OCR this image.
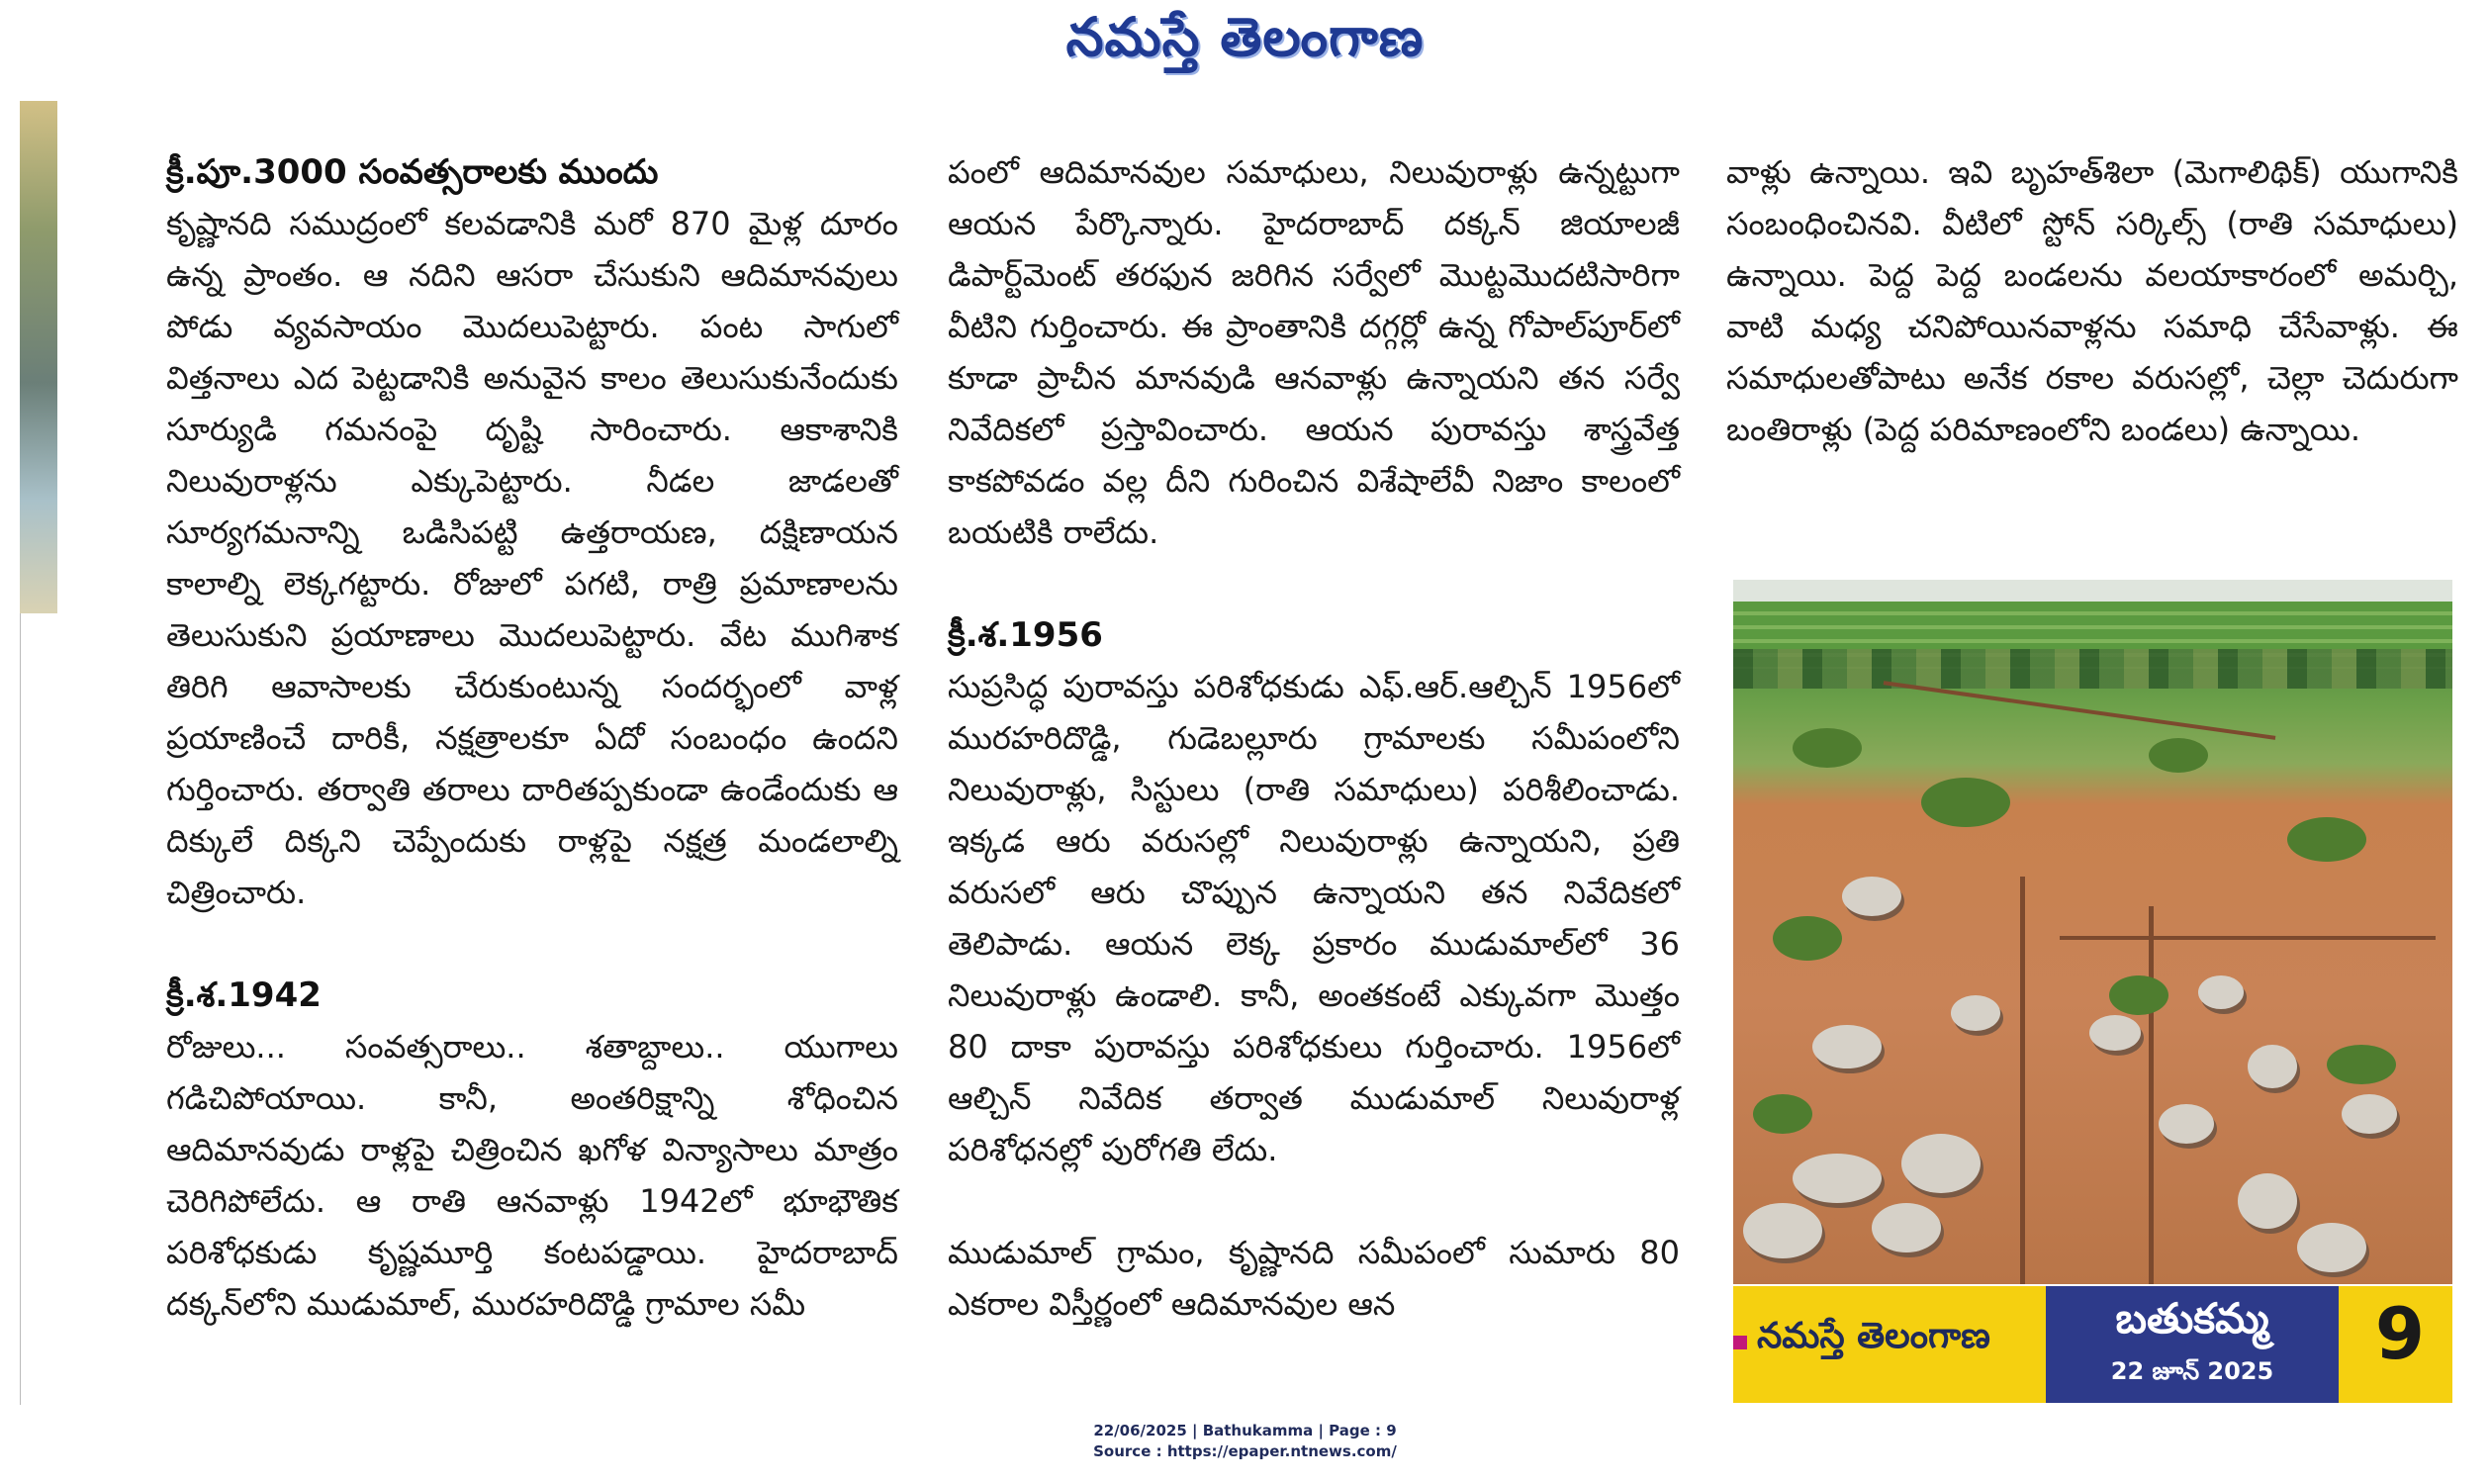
నమస్తే తెలంగాణ
క్రీ.పూ.3000 సంవత్సరాలకు ముందు

కృష్ణానది సముద్రంలో కలవడానికి మరో 870 మైళ్ల దూరం ఉన్న ప్రాంతం. ఆ నదిని ఆసరా చేసుకుని ఆదిమానవులు పోడు వ్యవసాయం మొదలుపెట్టారు. పంట సాగులో విత్తనాలు ఎద పెట్టడానికి అనువైన కాలం తెలుసుకునేందుకు సూర్యుడి గమనంపై దృష్టి సారించారు. ఆకాశానికి నిలువురాళ్లను ఎక్కుపెట్టారు. నీడల జాడలతో సూర్యగమనాన్ని ఒడిసిపట్టి ఉత్తరాయణ, దక్షిణాయన కాలాల్ని లెక్కగట్టారు. రోజులో పగటి, రాత్రి ప్రమాణాలను తెలుసుకుని ప్రయాణాలు మొదలుపెట్టారు. వేట ముగిశాక తిరిగి ఆవాసాలకు చేరుకుంటున్న సందర్భంలో వాళ్ల ప్రయాణించే దారికీ, నక్షత్రాలకూ ఏదో సంబంధం ఉందని గుర్తించారు. తర్వాతి తరాలు దారితప్పకుండా ఉండేందుకు ఆ దిక్కులే దిక్కని చెప్పేందుకు రాళ్లపై నక్షత్ర మండలాల్ని చిత్రించారు.

క్రీ.శ.1942

రోజులు... సంవత్సరాలు.. శతాబ్దాలు.. యుగాలు గడిచిపోయాయి. కానీ, అంతరిక్షాన్ని శోధించిన ఆదిమానవుడు రాళ్లపై చిత్రించిన ఖగోళ విన్యాసాలు మాత్రం చెరిగిపోలేదు. ఆ రాతి ఆనవాళ్లు 1942లో భూభౌతిక పరిశోధకుడు కృష్ణమూర్తి కంటపడ్డాయి. హైదరాబాద్ దక్కన్‌లోని ముడుమాల్, మురహరిదొడ్డి గ్రామాల సమీ

పంలో ఆదిమానవుల సమాధులు, నిలువురాళ్లు ఉన్నట్టుగా ఆయన పేర్కొన్నారు. హైదరాబాద్ దక్కన్ జియాలజీ డిపార్ట్‌మెంట్ తరఫున జరిగిన సర్వేలో మొట్టమొదటిసారిగా వీటిని గుర్తించారు. ఈ ప్రాంతానికి దగ్గర్లో ఉన్న గోపాల్‌పూర్‌లో కూడా ప్రాచీన మానవుడి ఆనవాళ్లు ఉన్నాయని తన సర్వే నివేదికలో ప్రస్తావించారు. ఆయన పురావస్తు శాస్త్రవేత్త కాకపోవడం వల్ల దీని గురించిన విశేషాలేవీ నిజాం కాలంలో బయటికి రాలేదు.

క్రీ.శ.1956

సుప్రసిద్ధ పురావస్తు పరిశోధకుడు ఎఫ్.ఆర్.ఆల్చిన్ 1956లో మురహరిదొడ్డి, గుడెబల్లూరు గ్రామాలకు సమీపంలోని నిలువురాళ్లు, సిస్టులు (రాతి సమాధులు) పరిశీలించాడు. ఇక్కడ ఆరు వరుసల్లో నిలువురాళ్లు ఉన్నాయని, ప్రతి వరుసలో ఆరు చొప్పున ఉన్నాయని తన నివేదికలో తెలిపాడు. ఆయన లెక్క ప్రకారం ముడుమాల్‌లో 36 నిలువురాళ్లు ఉండాలి. కానీ, అంతకంటే ఎక్కువగా మొత్తం 80 దాకా పురావస్తు పరిశోధకులు గుర్తించారు. 1956లో ఆల్చిన్ నివేదిక తర్వాత ముడుమాల్ నిలువురాళ్ల పరిశోధనల్లో పురోగతి లేదు.

ముడుమాల్ గ్రామం, కృష్ణానది సమీపంలో సుమారు 80 ఎకరాల విస్తీర్ణంలో ఆదిమానవుల ఆన

వాళ్లు ఉన్నాయి. ఇవి బృహత్‌శిలా (మెగాలిథిక్) యుగానికి సంబంధించినవి. వీటిలో స్టోన్ సర్కిల్స్ (రాతి సమాధులు) ఉన్నాయి. పెద్ద పెద్ద బండలను వలయాకారంలో అమర్చి, వాటి మధ్య చనిపోయినవాళ్లను సమాధి చేసేవాళ్లు. ఈ సమాధులతోపాటు అనేక రకాల వరుసల్లో, చెల్లా చెదురుగా బంతిరాళ్లు (పెద్ద పరిమాణంలోని బండలు) ఉన్నాయి.

నమస్తే తెలంగాణ	బతుకమ్మ
22 జూన్ 2025	9
22/06/2025 | Bathukamma | Page : 9
Source : https://epaper.ntnews.com/
